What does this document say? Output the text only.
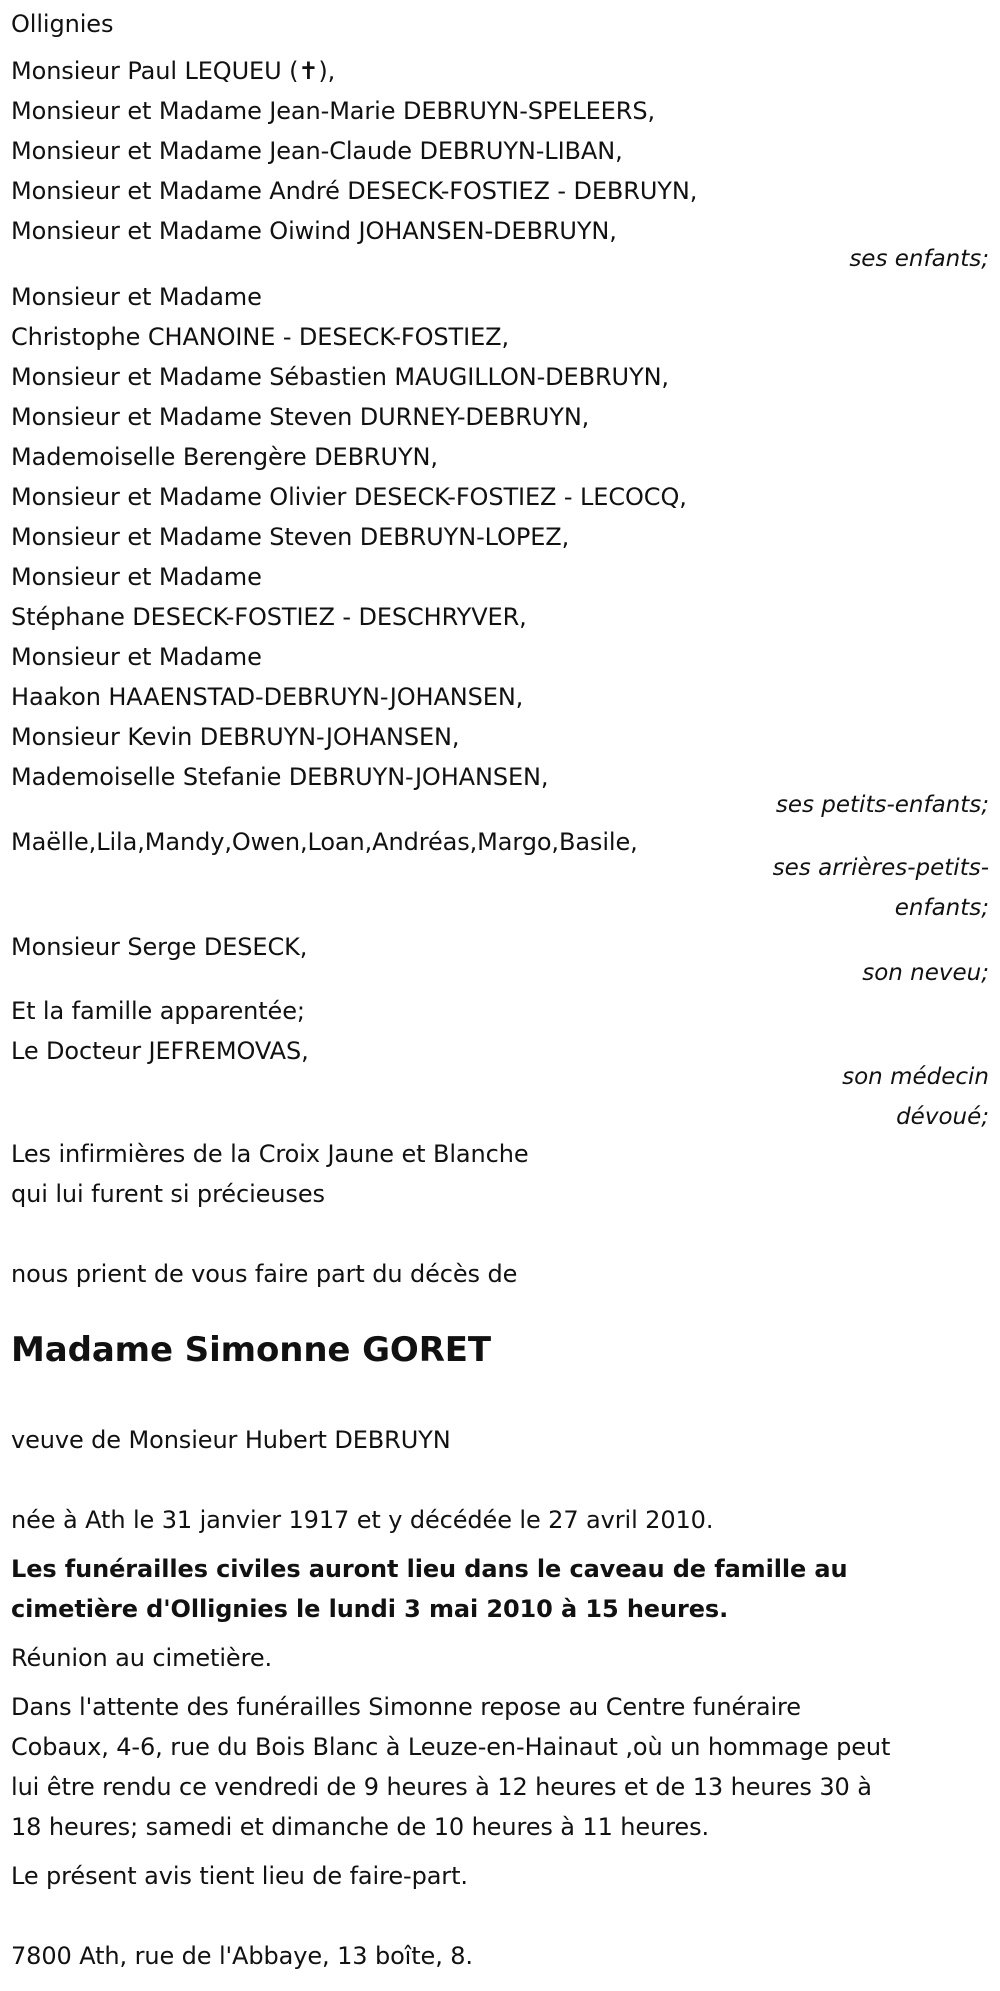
Ollignies
Monsieur Paul LEQUEU (✝),
Monsieur et Madame Jean-Marie DEBRUYN-SPELEERS,
Monsieur et Madame Jean-Claude DEBRUYN-LIBAN,
Monsieur et Madame André DESECK-FOSTIEZ - DEBRUYN,
Monsieur et Madame Oiwind JOHANSEN-DEBRUYN,
ses enfants;
Monsieur et Madame
Christophe CHANOINE - DESECK-FOSTIEZ,
Monsieur et Madame Sébastien MAUGILLON-DEBRUYN,
Monsieur et Madame Steven DURNEY-DEBRUYN,
Mademoiselle Berengère DEBRUYN,
Monsieur et Madame Olivier DESECK-FOSTIEZ - LECOCQ,
Monsieur et Madame Steven DEBRUYN-LOPEZ,
Monsieur et Madame
Stéphane DESECK-FOSTIEZ - DESCHRYVER,
Monsieur et Madame
Haakon HAAENSTAD-DEBRUYN-JOHANSEN,
Monsieur Kevin DEBRUYN-JOHANSEN,
Mademoiselle Stefanie DEBRUYN-JOHANSEN,
ses petits-enfants;
Maëlle,Lila,Mandy,Owen,Loan,Andréas,Margo,Basile,
ses arrières-petits-
enfants;
Monsieur Serge DESECK,
son neveu;
Et la famille apparentée;
Le Docteur JEFREMOVAS,
son médecin
dévoué;
Les infirmières de la Croix Jaune et Blanche
qui lui furent si précieuses
nous prient de vous faire part du décès de
Madame Simonne GORET
veuve de Monsieur Hubert DEBRUYN
née à Ath le 31 janvier 1917 et y décédée le 27 avril 2010.
Les funérailles civiles auront lieu dans le caveau de famille au
cimetière d'Ollignies le lundi 3 mai 2010 à 15 heures.
Réunion au cimetière.
Dans l'attente des funérailles Simonne repose au Centre funéraire
Cobaux, 4-6, rue du Bois Blanc à Leuze-en-Hainaut ,où un hommage peut
lui être rendu ce vendredi de 9 heures à 12 heures et de 13 heures 30 à
18 heures; samedi et dimanche de 10 heures à 11 heures.
Le présent avis tient lieu de faire-part.
7800 Ath, rue de l'Abbaye, 13 boîte, 8.
